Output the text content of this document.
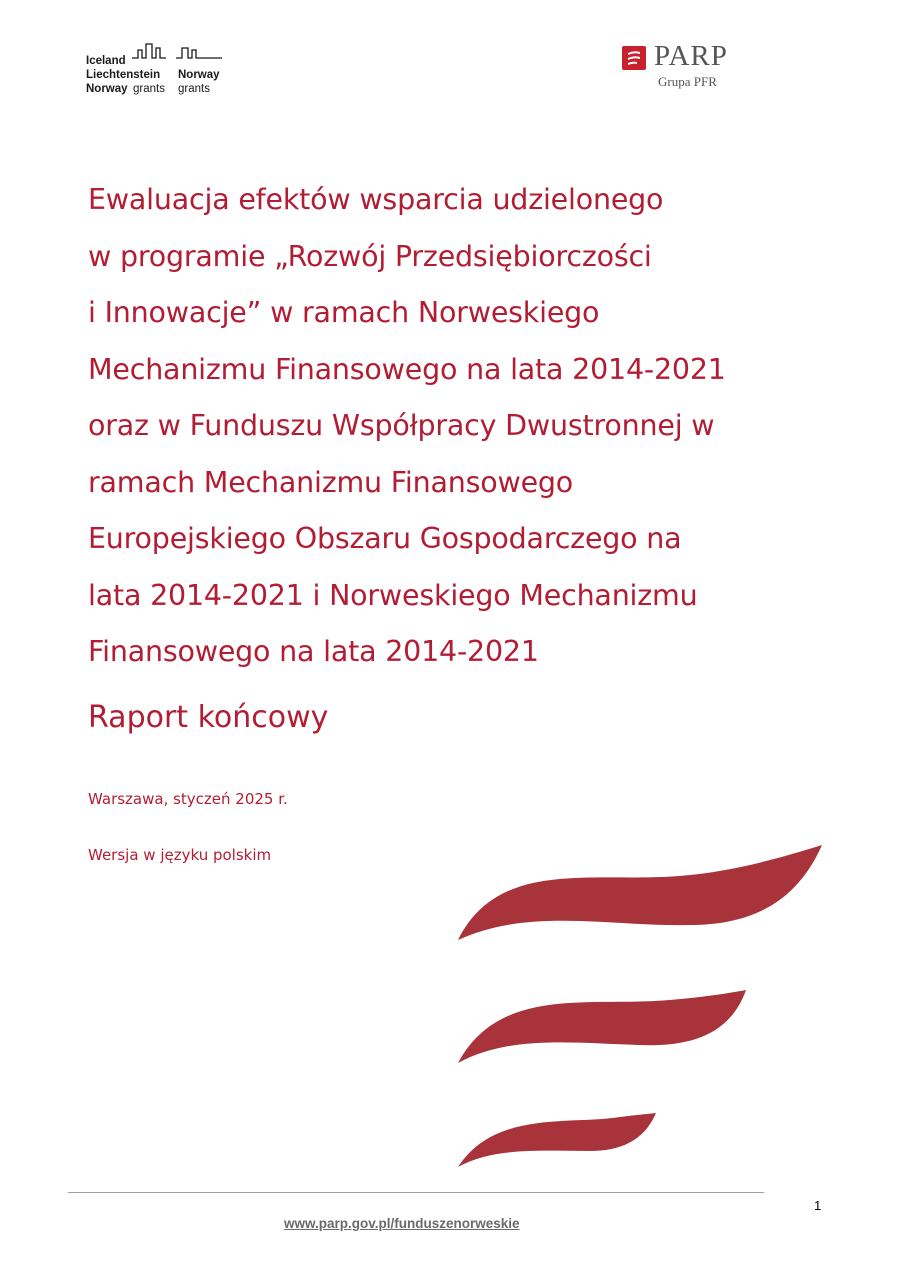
Iceland
Liechtenstein Norway
Norway grants grants
PARP
Grupa PFR
Ewaluacja efektów wsparcia udzielonego
w programie „Rozwój Przedsiębiorczości
i Innowacje” w ramach Norweskiego
Mechanizmu Finansowego na lata 2014-2021
oraz w Funduszu Współpracy Dwustronnej w
ramach Mechanizmu Finansowego
Europejskiego Obszaru Gospodarczego na
lata 2014-2021 i Norweskiego Mechanizmu
Finansowego na lata 2014-2021
Raport końcowy
Warszawa, styczeń 2025 r.
Wersja w języku polskim
1
www.parp.gov.pl/funduszenorweskie
